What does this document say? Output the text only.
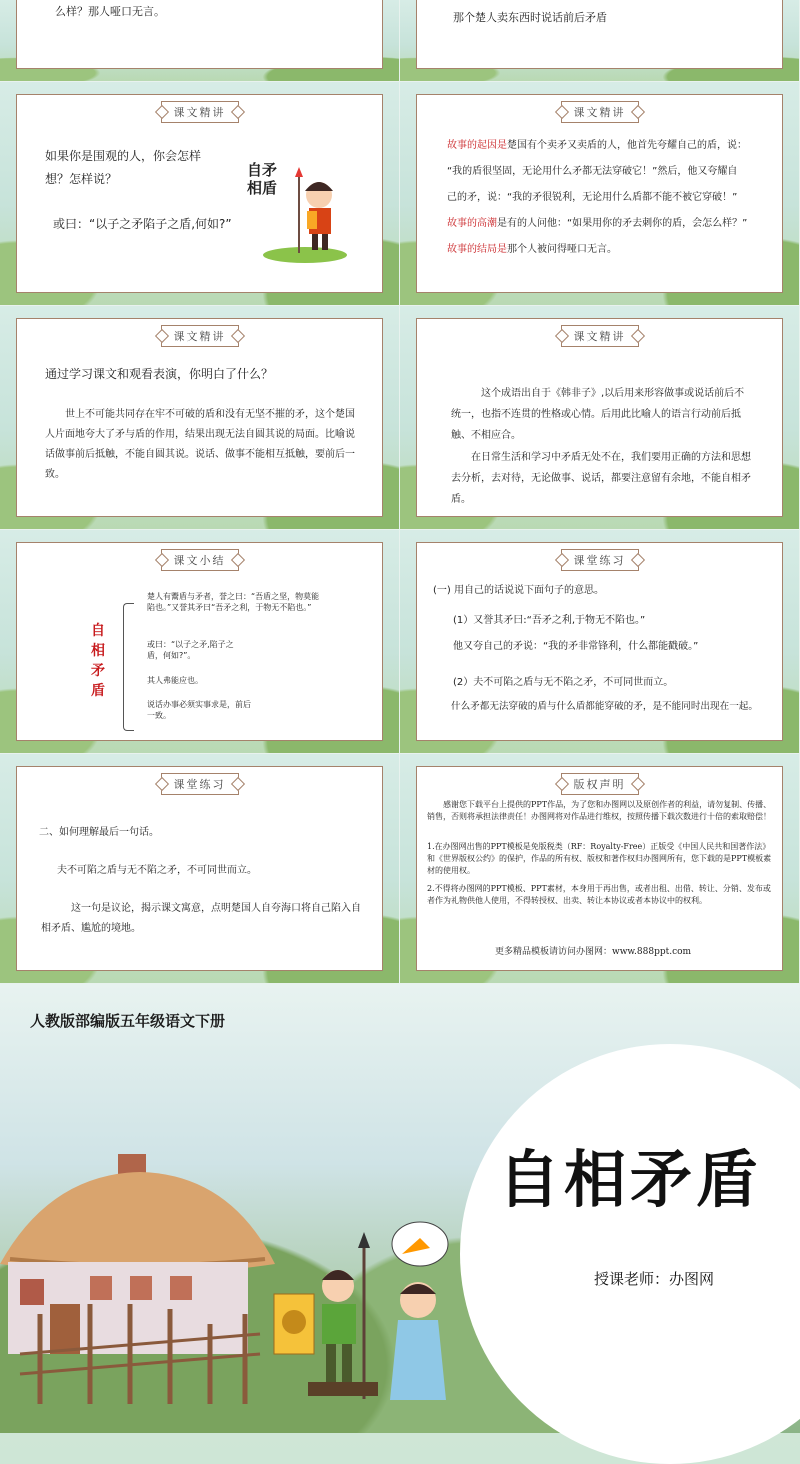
么样？那人哑口无言。	那个楚人卖东西时说话前后矛盾
课文精讲
如果你是围观的人，你会怎样
想？怎样说？
或曰：“以子之矛陷子之盾,何如?”
自矛
相盾
课文精讲
故事的起因是楚国有个卖矛又卖盾的人，他首先夸耀自己的盾，说：
“我的盾很坚固，无论用什么矛都无法穿破它！”然后，他又夸耀自
己的矛，说：“我的矛很锐利，无论用什么盾都不能不被它穿破！”
故事的高潮是有的人问他：“如果用你的矛去刺你的盾，会怎么样？”
故事的结局是那个人被问得哑口无言。
课文精讲
通过学习课文和观看表演，你明白了什么？
世上不可能共同存在牢不可破的盾和没有无坚不摧的矛，这个楚国人片面地夸大了矛与盾的作用，结果出现无法自圆其说的局面。比喻说话做事前后抵触，不能自圆其说。说话、做事不能相互抵触，要前后一致。
课文精讲
这个成语出自于《韩非子》,以后用来形容做事或说话前后不统一，也指不连贯的性格或心情。后用此比喻人的语言行动前后抵触、不相应合。
在日常生活和学习中矛盾无处不在，我们要用正确的方法和思想去分析，去对待，无论做事、说话，都要注意留有余地，不能自相矛盾。
课文小结
自相矛盾
楚人有鬻盾与矛者，誉之曰：“吾盾之坚，物莫能陷也。”又誉其矛曰“吾矛之利，于物无不陷也。”
或曰：“以子之矛,陷子之盾，何如?”。
其人弗能应也。
说话办事必须实事求是，前后一致。
课堂练习
(一) 用自己的话说说下面句子的意思。
(1）又誉其矛曰:“吾矛之利,于物无不陷也。”
他又夸自己的矛说：“我的矛非常锋利，什么都能戳破。”
(2）夫不可陷之盾与无不陷之矛，不可同世而立。
什么矛都无法穿破的盾与什么盾都能穿破的矛，是不能同时出现在一起。
课堂练习
二、如何理解最后一句话。
夫不可陷之盾与无不陷之矛，不可同世而立。
这一句是议论，揭示课文寓意，点明楚国人自夸海口将自己陷入自相矛盾、尴尬的境地。
版权声明
感谢您下载平台上提供的PPT作品，为了您和办图网以及原创作者的利益，请勿复制、传播、销售，否则将承担法律责任！办图网将对作品进行维权，按照传播下载次数进行十倍的索取赔偿！
1.在办图网出售的PPT模板是免版税类（RF：Royalty-Free）正版受《中国人民共和国著作法》和《世界版权公约》的保护，作品的所有权、版权和著作权归办图网所有，您下载的是PPT模板素材的使用权。
2.不得将办图网的PPT模板、PPT素材，本身用于再出售，或者出租、出借、转让、分销、发布或者作为礼物供他人使用，不得转授权、出卖、转让本协议或者本协议中的权利。
更多精品模板请访问办图网：www.888ppt.com
人教版部编版五年级语文下册
自相矛盾
授课老师：办图网
